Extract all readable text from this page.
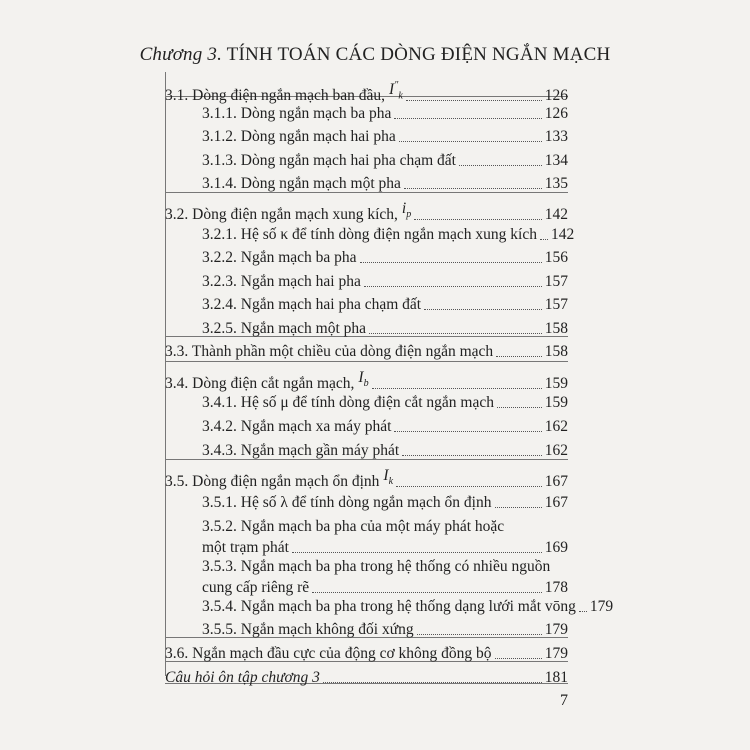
Chương 3. TÍNH TOÁN CÁC DÒNG ĐIỆN NGẮN MẠCH
3.1. Dòng điện ngắn mạch ban đầu, $I^"_k$	126
3.1.1. Dòng ngắn mạch ba pha	126
3.1.2. Dòng ngắn mạch hai pha	133
3.1.3. Dòng ngắn mạch hai pha chạm đất	134
3.1.4. Dòng ngắn mạch một pha	135
3.2. Dòng điện ngắn mạch xung kích, $i_p$	142
3.2.1. Hệ số κ để tính dòng điện ngắn mạch xung kích 142
3.2.2. Ngắn mạch ba pha	156
3.2.3. Ngắn mạch hai pha	157
3.2.4. Ngắn mạch hai pha chạm đất	157
3.2.5. Ngắn mạch một pha	158
3.3. Thành phần một chiều của dòng điện ngắn mạch	158
3.4. Dòng điện cắt ngắn mạch, $I_b$	159
3.4.1. Hệ số μ để tính dòng điện cắt ngắn mạch	159
3.4.2. Ngắn mạch xa máy phát	162
3.4.3. Ngắn mạch gần máy phát	162
3.5. Dòng điện ngắn mạch ổn định $I_k$	167
3.5.1. Hệ số λ để tính dòng ngắn mạch ổn định	167
3.5.2. Ngắn mạch ba pha của một máy phát hoặc
một trạm phát	169
3.5.3. Ngắn mạch ba pha trong hệ thống có nhiều nguồn
cung cấp riêng rẽ	178
3.5.4. Ngắn mạch ba pha trong hệ thống dạng lưới mắt vōng 179
3.5.5. Ngắn mạch không đối xứng	179
3.6. Ngắn mạch đầu cực của động cơ không đồng bộ	179
Câu hỏi ôn tập chương 3	181
7
